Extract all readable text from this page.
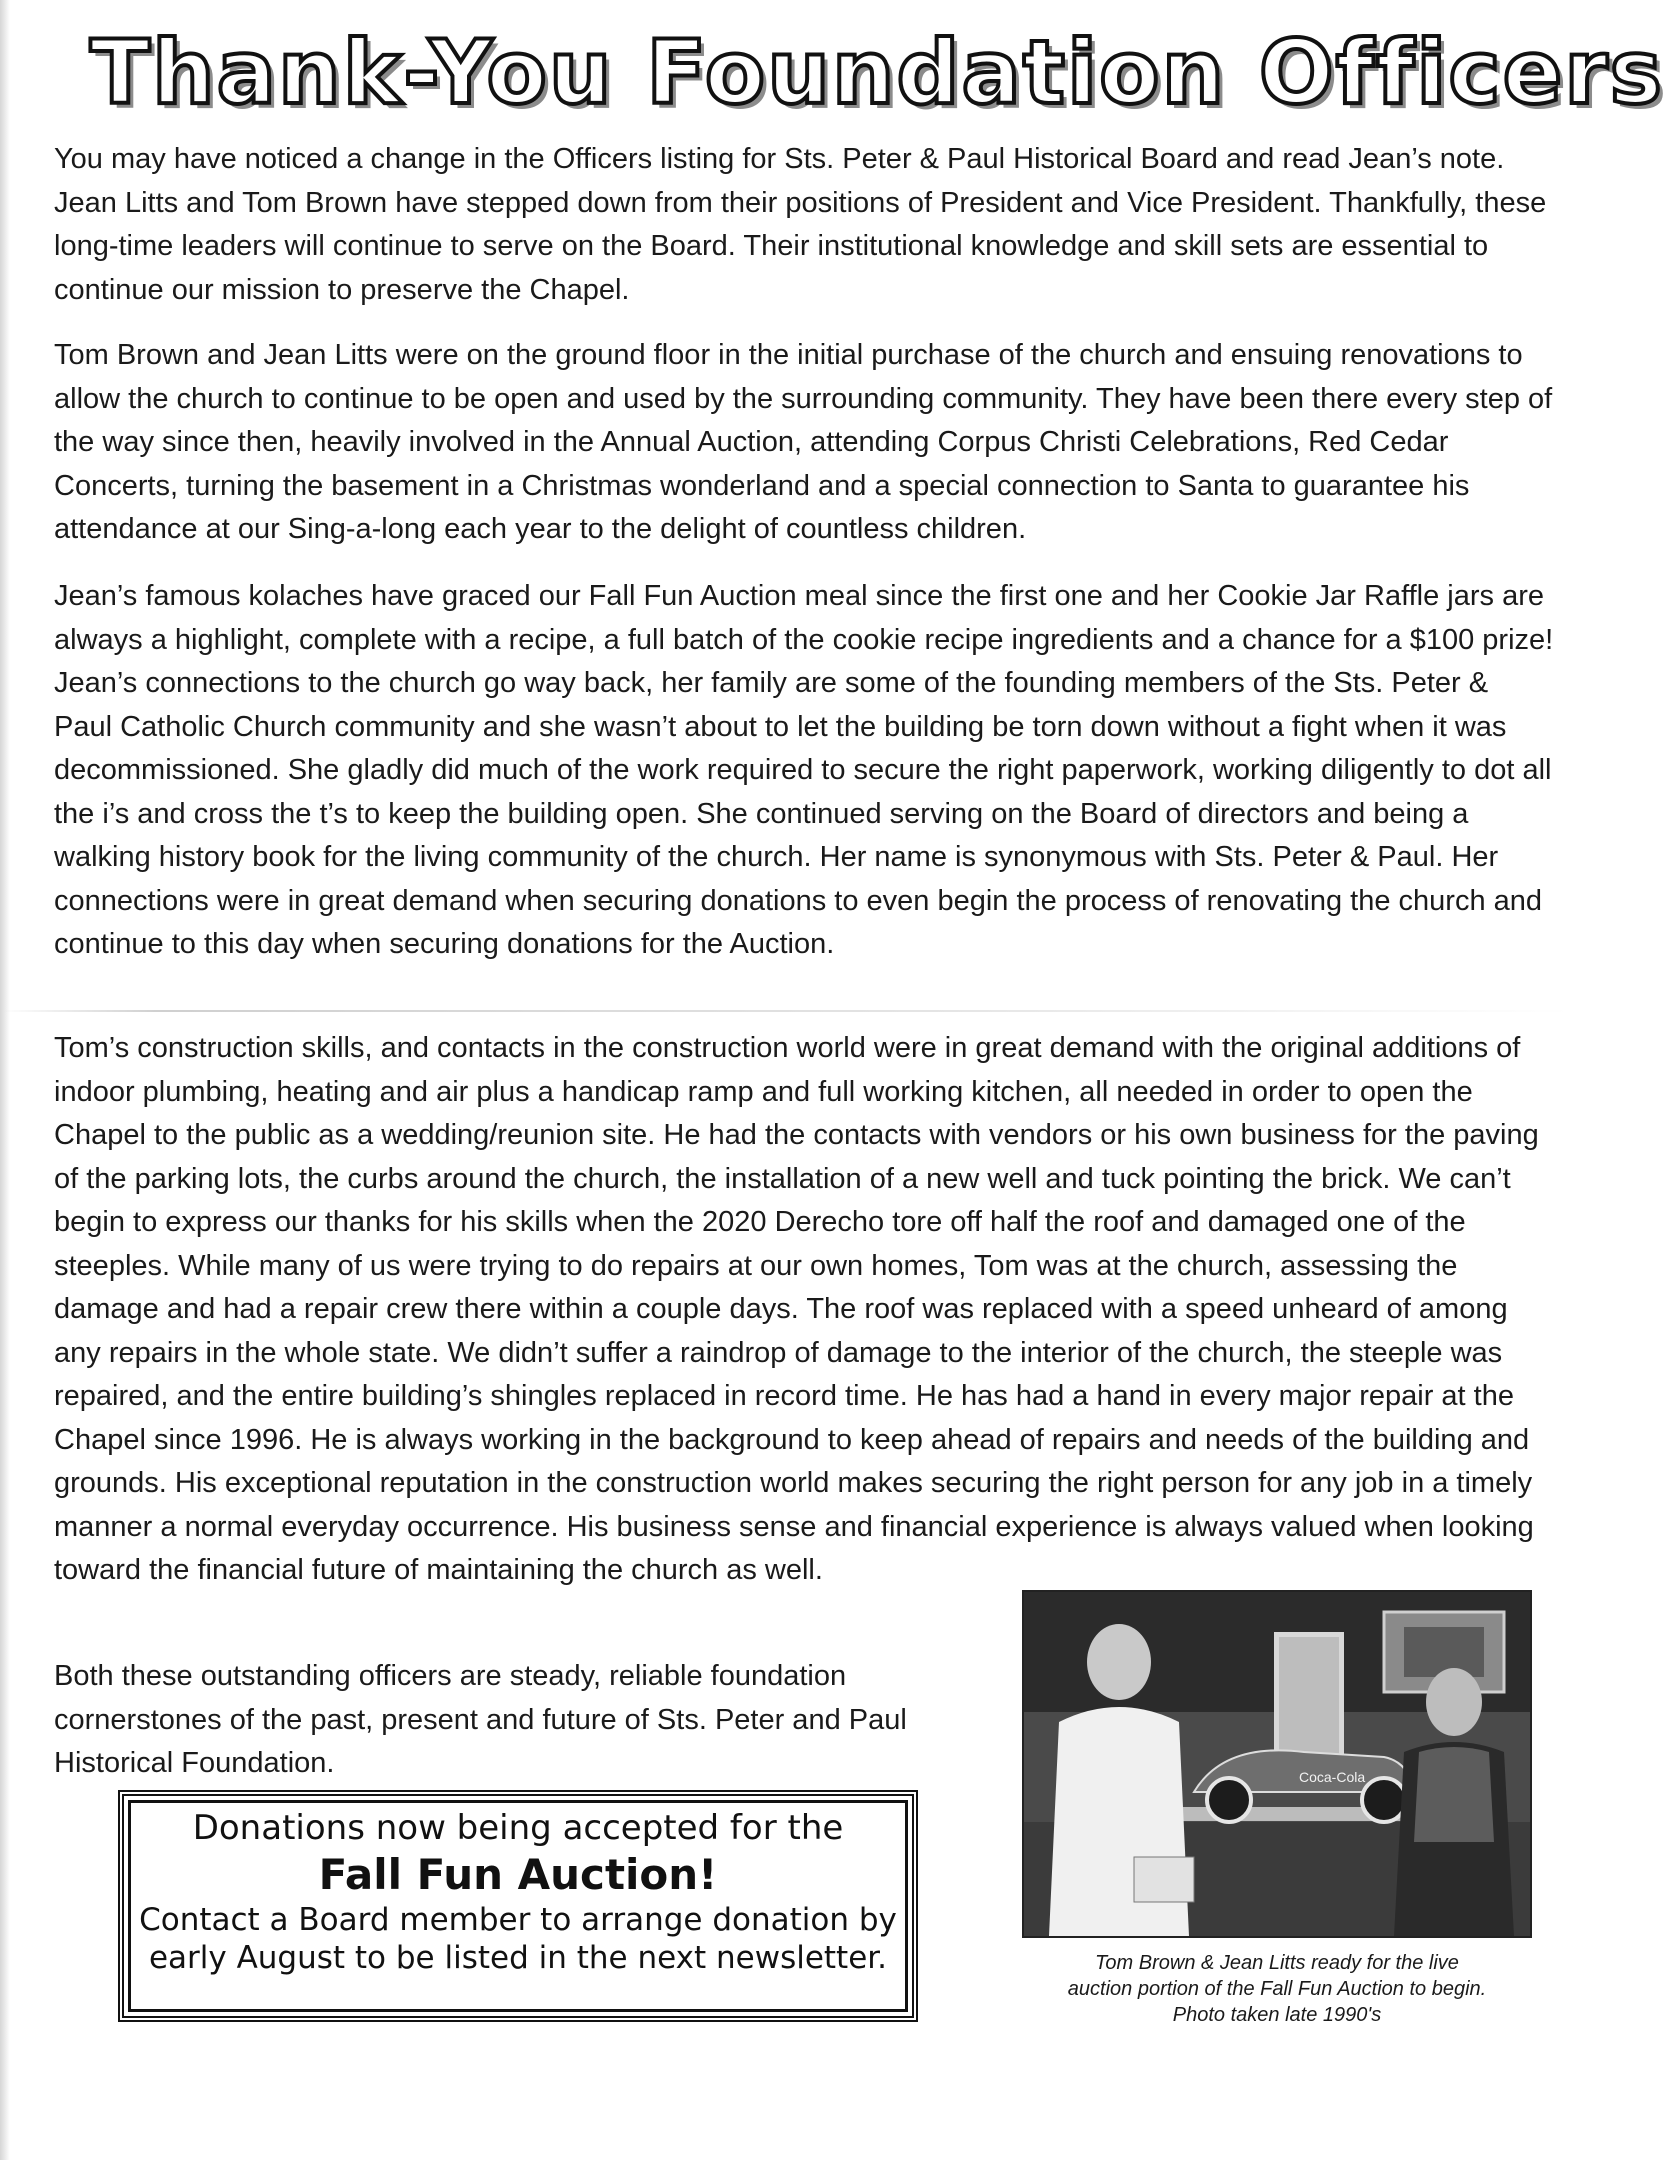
Thank-You Foundation Officers

You may have noticed a change in the Officers listing for Sts. Peter & Paul Historical Board and read Jean’s note. Jean Litts and Tom Brown have stepped down from their positions of President and Vice President. Thankfully, these long-time leaders will continue to serve on the Board. Their institutional knowledge and skill sets are essential to continue our mission to preserve the Chapel.

Tom Brown and Jean Litts were on the ground floor in the initial purchase of the church and ensuing renovations to allow the church to continue to be open and used by the surrounding community. They have been there every step of the way since then, heavily involved in the Annual Auction, attending Corpus Christi Celebrations, Red Cedar Concerts, turning the basement in a Christmas wonderland and a special connection to Santa to guarantee his attendance at our Sing-a-long each year to the delight of countless children.

Jean’s famous kolaches have graced our Fall Fun Auction meal since the first one and her Cookie Jar Raffle jars are always a highlight, complete with a recipe, a full batch of the cookie recipe ingredients and a chance for a $100 prize! Jean’s connections to the church go way back, her family are some of the founding members of the Sts. Peter & Paul Catholic Church community and she wasn’t about to let the building be torn down without a fight when it was decommissioned. She gladly did much of the work required to secure the right paperwork, working diligently to dot all the i’s and cross the t’s to keep the building open. She continued serving on the Board of directors and being a walking history book for the living community of the church. Her name is synonymous with Sts. Peter & Paul. Her connections were in great demand when securing donations to even begin the process of renovating the church and continue to this day when securing donations for the Auction.

Tom’s construction skills, and contacts in the construction world were in great demand with the original additions of indoor plumbing, heating and air plus a handicap ramp and full working kitchen, all needed in order to open the Chapel to the public as a wedding/reunion site. He had the contacts with vendors or his own business for the paving of the parking lots, the curbs around the church, the installation of a new well and tuck pointing the brick. We can’t begin to express our thanks for his skills when the 2020 Derecho tore off half the roof and damaged one of the steeples. While many of us were trying to do repairs at our own homes, Tom was at the church, assessing the damage and had a repair crew there within a couple days. The roof was replaced with a speed unheard of among any repairs in the whole state. We didn’t suffer a raindrop of damage to the interior of the church, the steeple was repaired, and the entire building’s shingles replaced in record time. He has had a hand in every major repair at the Chapel since 1996. He is always working in the background to keep ahead of repairs and needs of the building and grounds. His exceptional reputation in the construction world makes securing the right person for any job in a timely manner a normal everyday occurrence. His business sense and financial experience is always valued when looking toward the financial future of maintaining the church as well.

Both these outstanding officers are steady, reliable foundation cornerstones of the past, present and future of Sts. Peter and Paul Historical Foundation.

Donations now being accepted for the
Fall Fun Auction!
Contact a Board member to arrange donation by
early August to be listed in the next newsletter.
Coca-Cola

Tom Brown & Jean Litts ready for the live
auction portion of the Fall Fun Auction to begin.

Photo taken late 1990's
